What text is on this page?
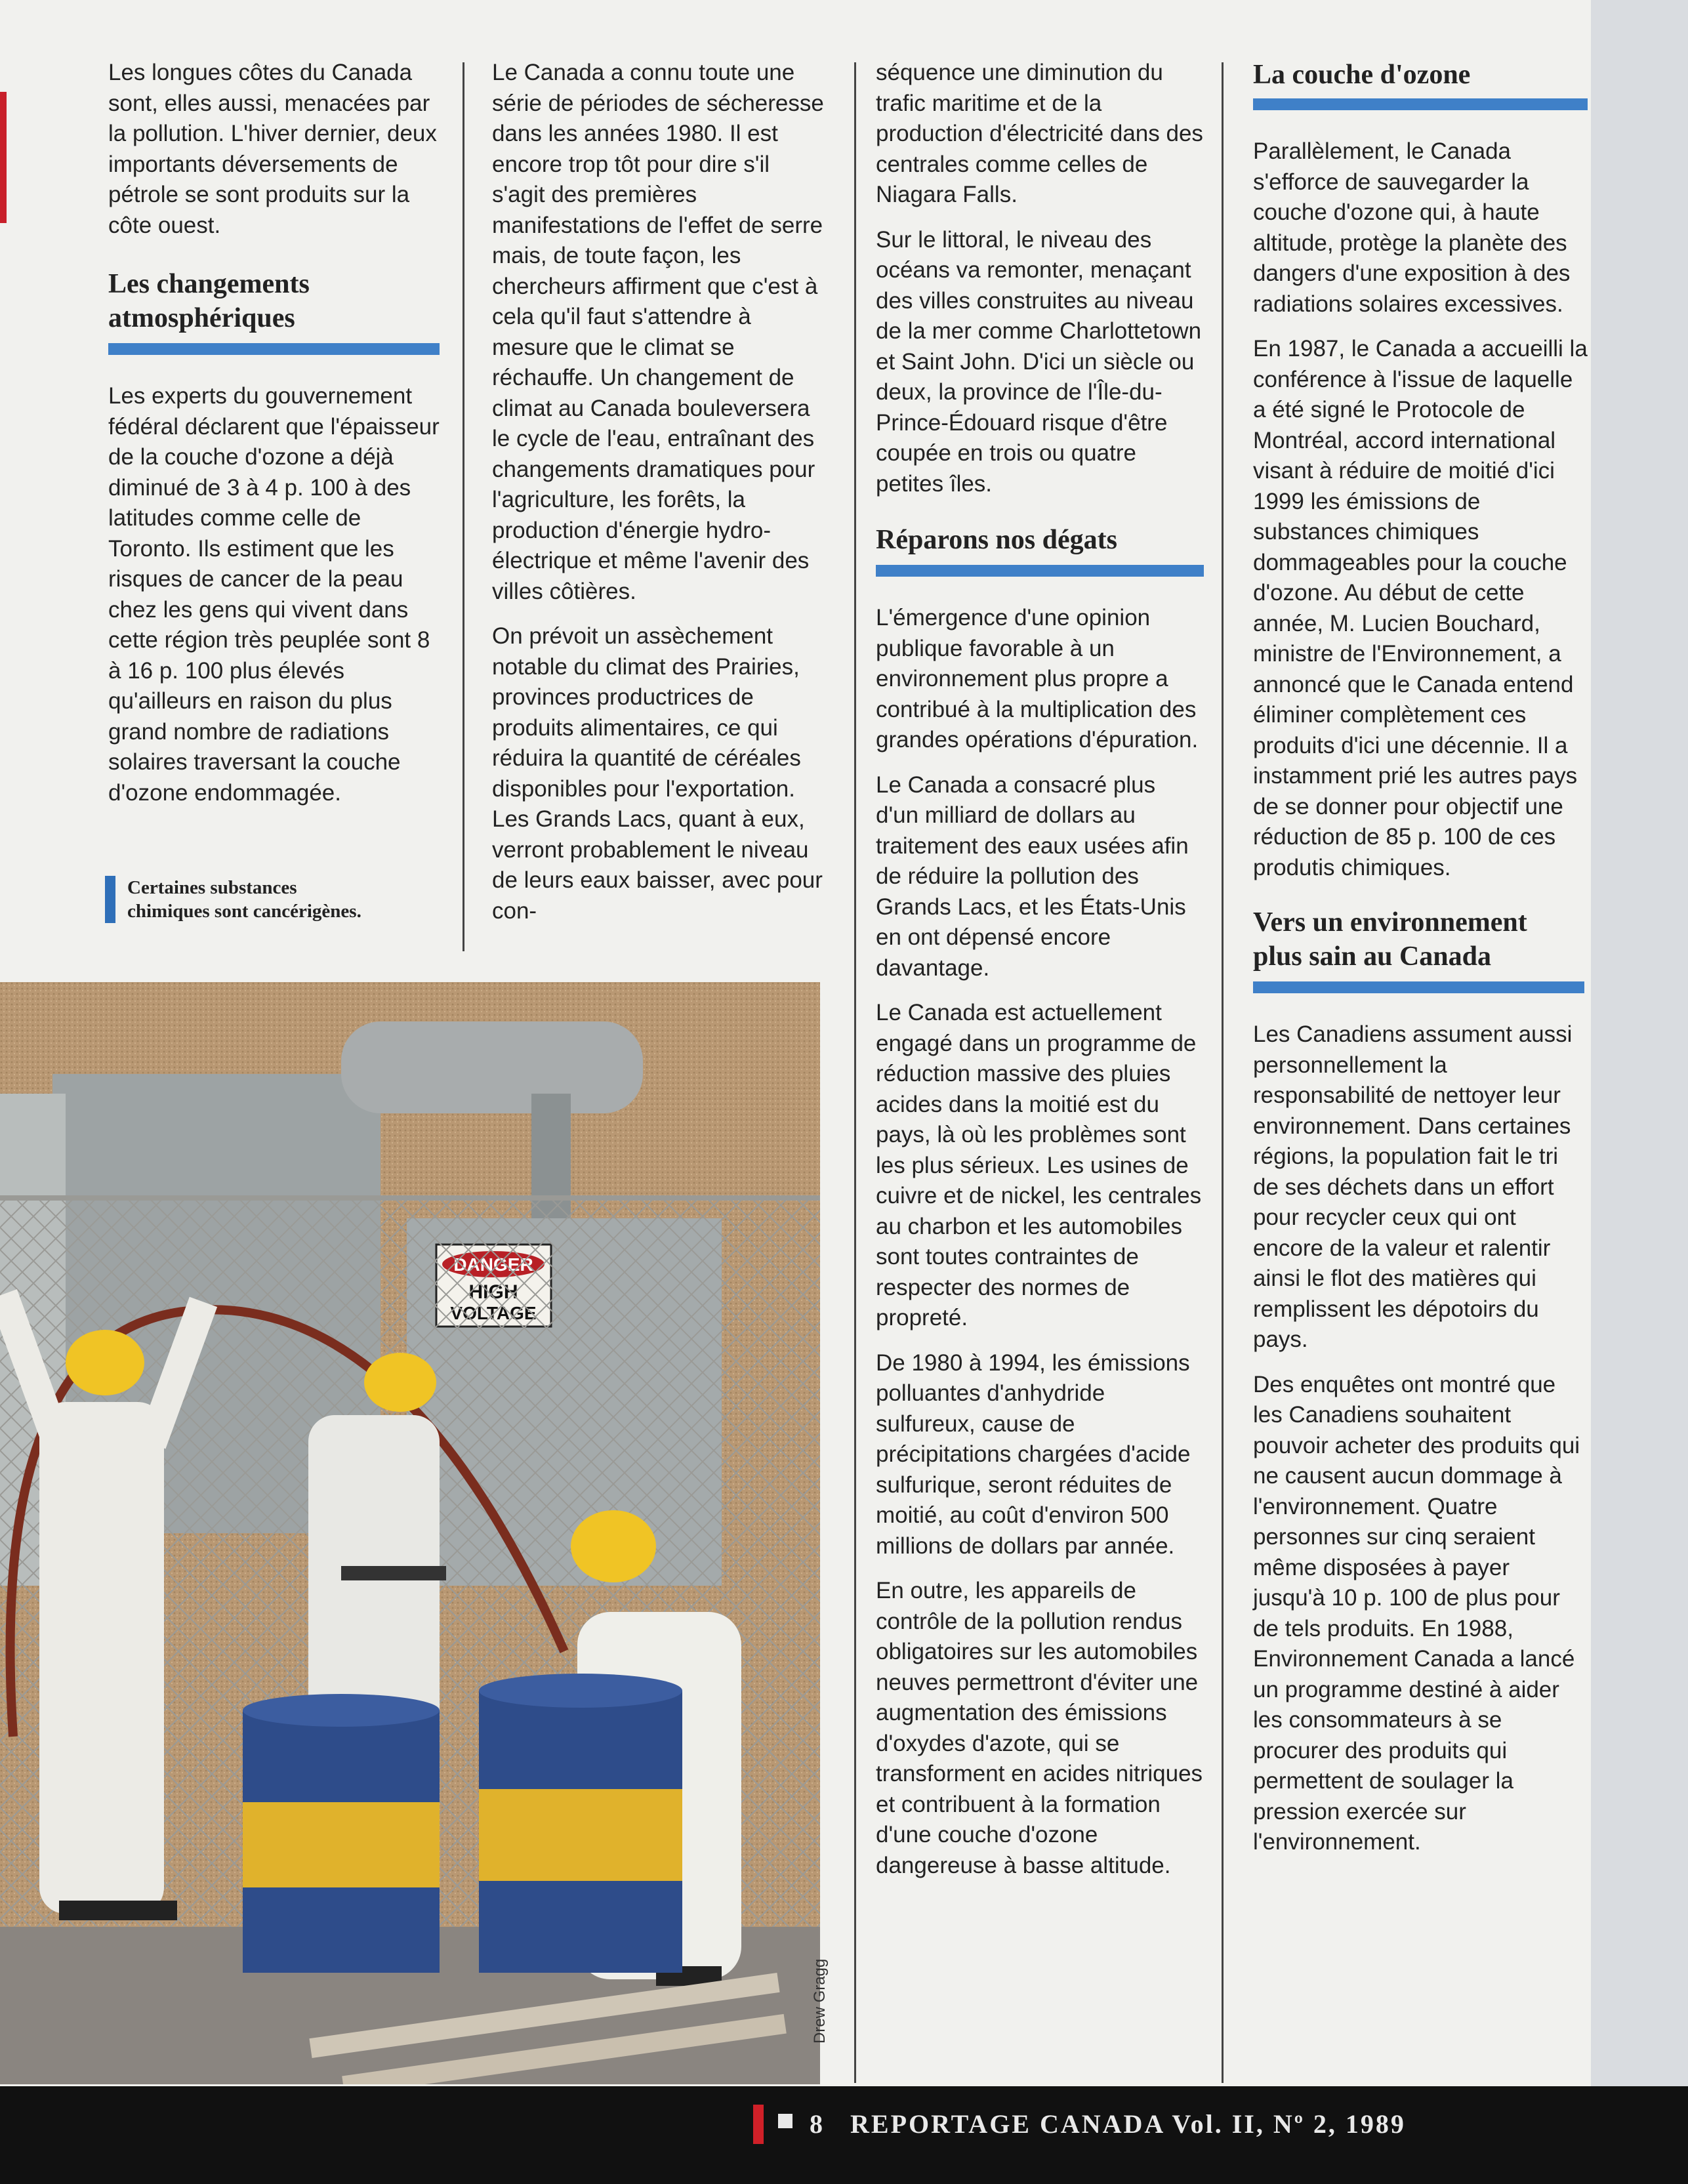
Les longues côtes du Canada sont, elles aussi, menacées par la pollution. L'hiver dernier, deux importants déversements de pétrole se sont produits sur la côte ouest.

Les changements
atmosphériques

Les experts du gouvernement fédéral déclarent que l'épaisseur de la couche d'ozone a déjà diminué de 3 à 4 p. 100 à des latitudes comme celle de Toronto. Ils estiment que les risques de cancer de la peau chez les gens qui vivent dans cette région très peuplée sont 8 à 16 p. 100 plus élevés qu'ailleurs en raison du plus grand nombre de radiations solaires traversant la couche d'ozone endommagée.

Certaines substances chimiques sont cancérigènes.

Le Canada a connu toute une série de périodes de sécheresse dans les années 1980. Il est encore trop tôt pour dire s'il s'agit des premières manifestations de l'effet de serre mais, de toute façon, les chercheurs affirment que c'est à cela qu'il faut s'attendre à mesure que le climat se réchauffe. Un changement de climat au Canada bouleversera le cycle de l'eau, entraînant des changements dramatiques pour l'agriculture, les forêts, la production d'énergie hydro-électrique et même l'avenir des villes côtières.

On prévoit un assèchement notable du climat des Prairies, provinces productrices de produits alimentaires, ce qui réduira la quantité de céréales disponibles pour l'exportation. Les Grands Lacs, quant à eux, verront probablement le niveau de leurs eaux baisser, avec pour con-

séquence une diminution du trafic maritime et de la production d'électricité dans des centrales comme celles de Niagara Falls.

Sur le littoral, le niveau des océans va remonter, menaçant des villes construites au niveau de la mer comme Charlottetown et Saint John. D'ici un siècle ou deux, la province de l'Île-du-Prince-Édouard risque d'être coupée en trois ou quatre petites îles.

Réparons nos dégats

L'émergence d'une opinion publique favorable à un environnement plus propre a contribué à la multiplication des grandes opérations d'épuration.

Le Canada a consacré plus d'un milliard de dollars au traitement des eaux usées afin de réduire la pollution des Grands Lacs, et les États-Unis en ont dépensé encore davantage.

Le Canada est actuellement engagé dans un programme de réduction massive des pluies acides dans la moitié est du pays, là où les problèmes sont les plus sérieux. Les usines de cuivre et de nickel, les centrales au charbon et les automobiles sont toutes contraintes de respecter des normes de propreté.

De 1980 à 1994, les émissions polluantes d'anhydride sulfureux, cause de précipitations chargées d'acide sulfurique, seront réduites de moitié, au coût d'environ 500 millions de dollars par année.

En outre, les appareils de contrôle de la pollution rendus obligatoires sur les automobiles neuves permettront d'éviter une augmentation des émissions d'oxydes d'azote, qui se transforment en acides nitriques et contribuent à la formation d'une couche d'ozone dangereuse à basse altitude.

La couche d'ozone

Parallèlement, le Canada s'efforce de sauvegarder la couche d'ozone qui, à haute altitude, protège la planète des dangers d'une exposition à des radiations solaires excessives.

En 1987, le Canada a accueilli la conférence à l'issue de laquelle a été signé le Protocole de Montréal, accord international visant à réduire de moitié d'ici 1999 les émissions de substances chimiques dommageables pour la couche d'ozone. Au début de cette année, M. Lucien Bouchard, ministre de l'Environnement, a annoncé que le Canada entend éliminer complètement ces produits d'ici une décennie. Il a instamment prié les autres pays de se donner pour objectif une réduction de 85 p. 100 de ces produtis chimiques.

Vers un environnement
plus sain au Canada

Les Canadiens assument aussi personnellement la responsabilité de nettoyer leur environnement. Dans certaines régions, la population fait le tri de ses déchets dans un effort pour recycler ceux qui ont encore de la valeur et ralentir ainsi le flot des matières qui remplissent les dépotoirs du pays.

Des enquêtes ont montré que les Canadiens souhaitent pouvoir acheter des produits qui ne causent aucun dommage à l'environnement. Quatre personnes sur cinq seraient même disposées à payer jusqu'à 10 p. 100 de plus pour de tels produits. En 1988, Environnement Canada a lancé un programme destiné à aider les consommateurs à se procurer des produits qui permettent de soulager la pression exercée sur l'environnement.

Drew Gragg
8 REPORTAGE CANADA Vol. II, Nº 2, 1989
